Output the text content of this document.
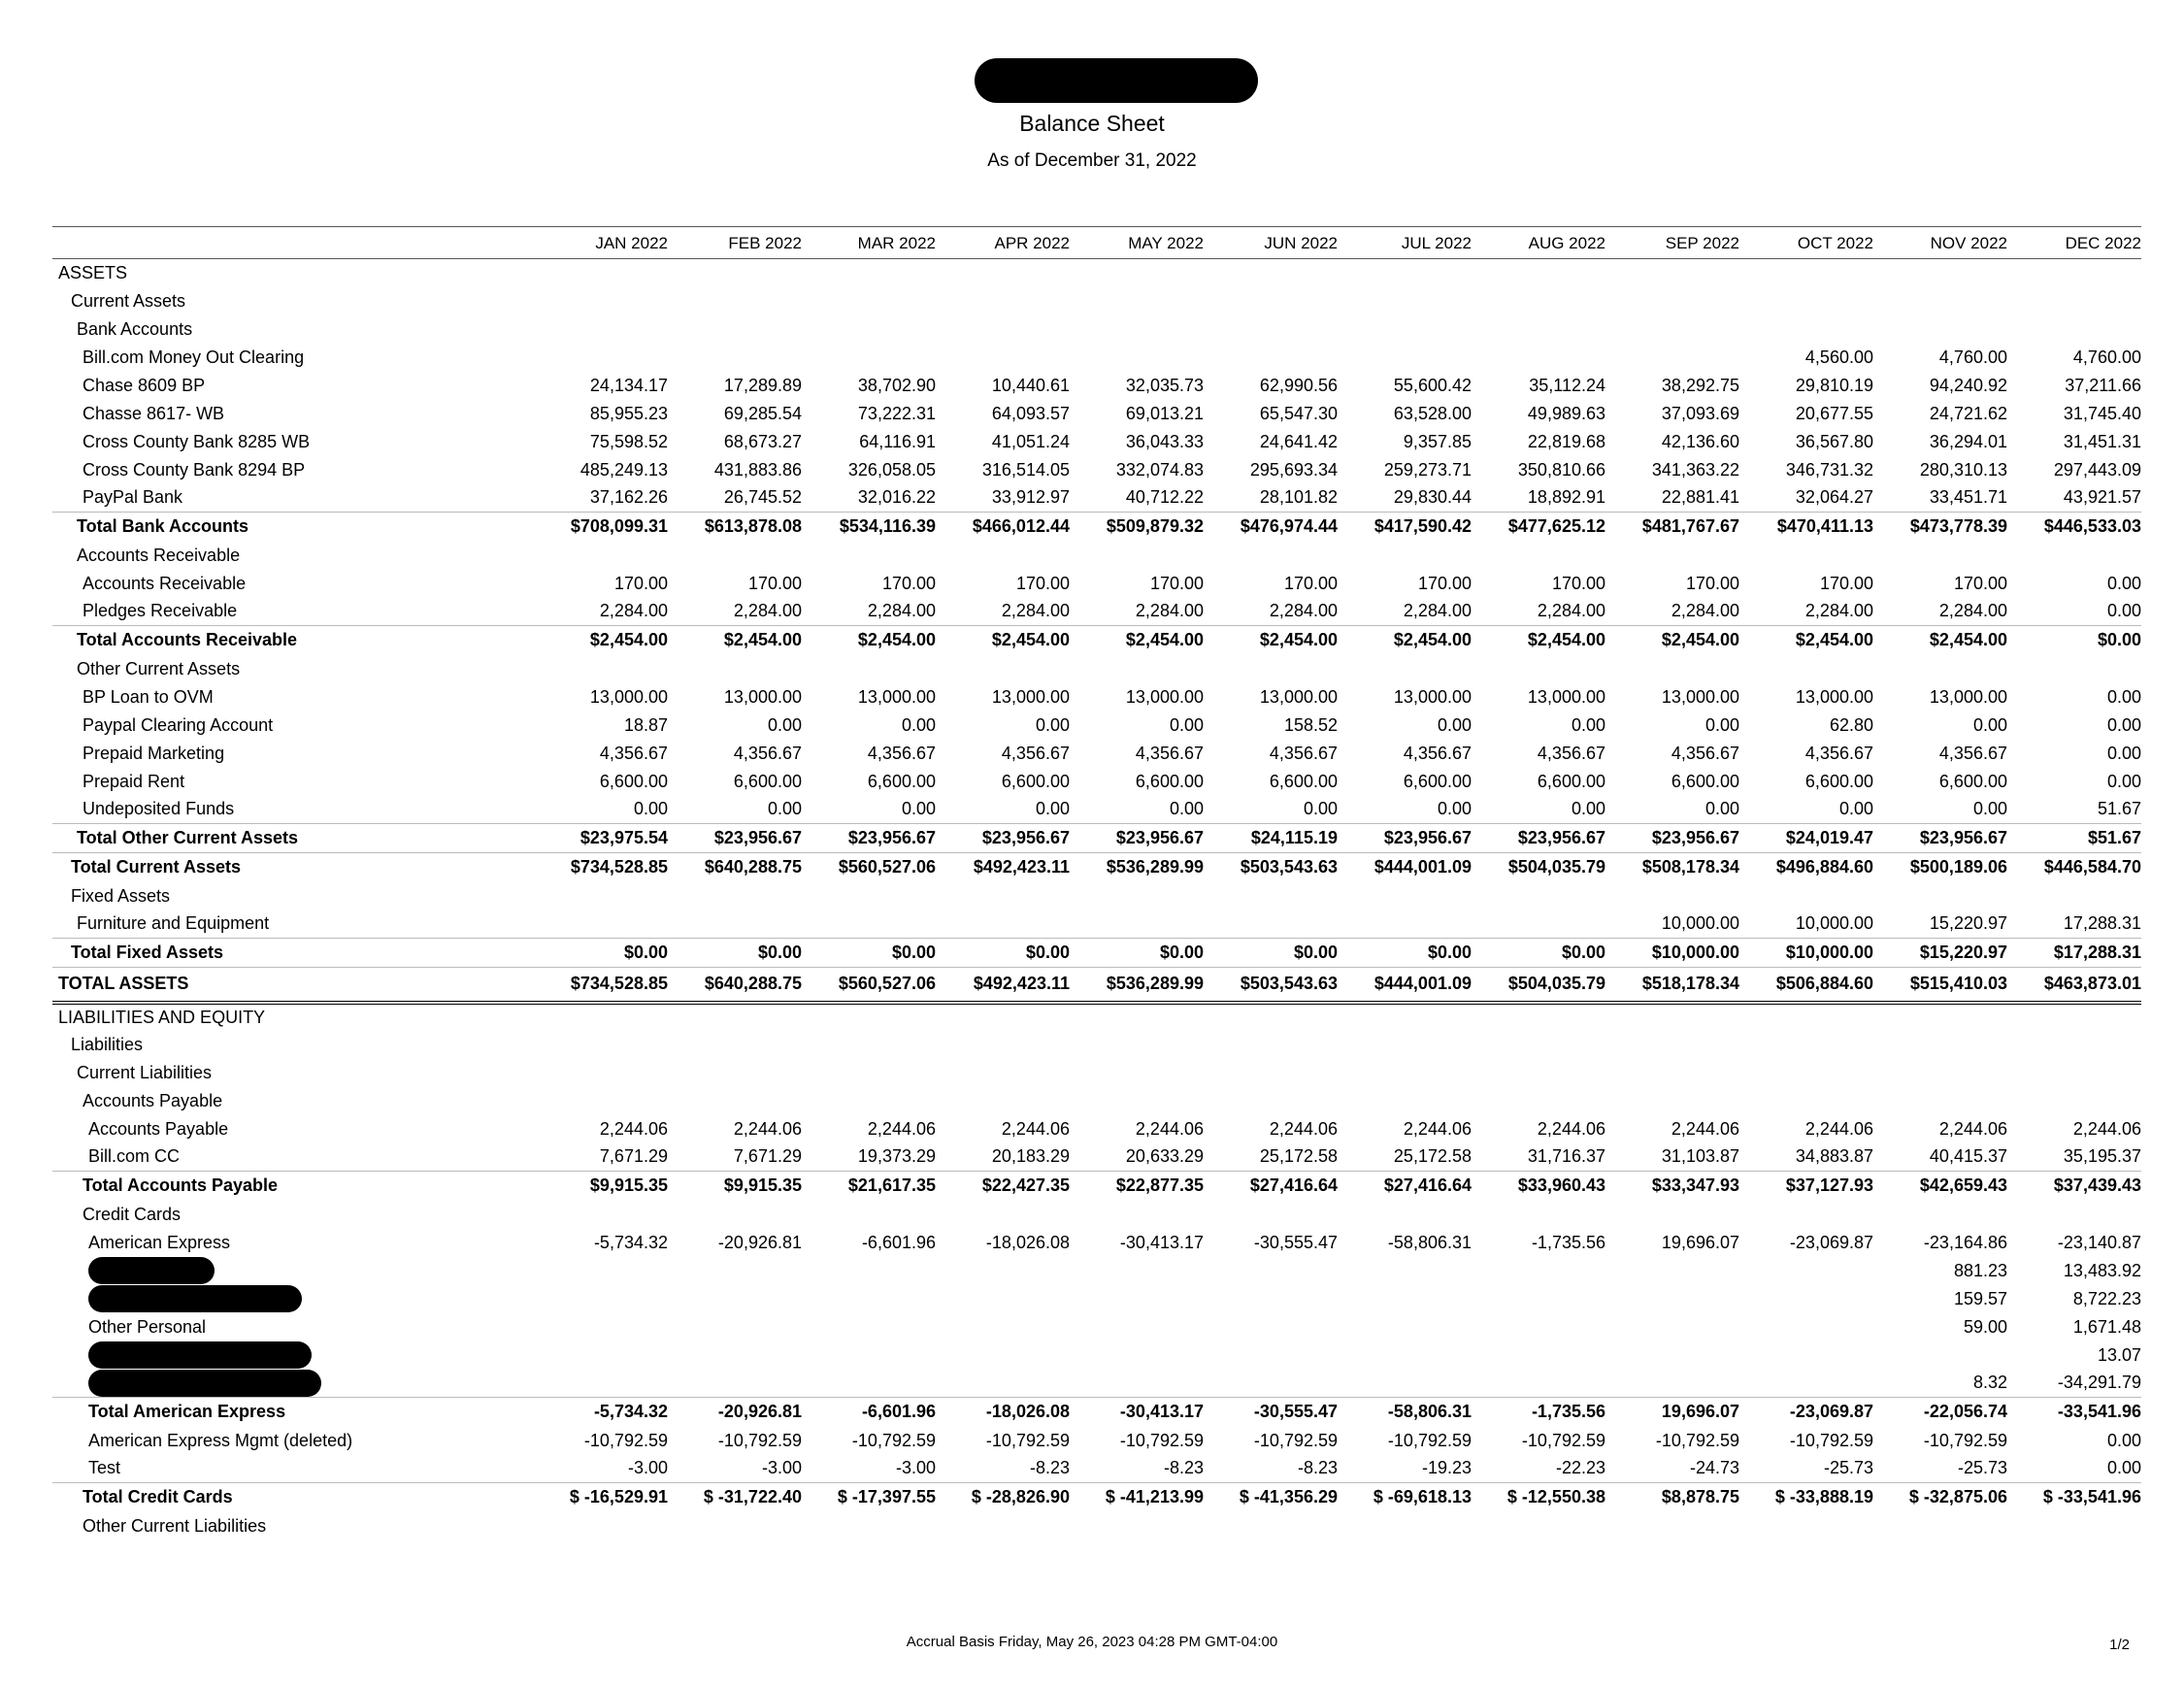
Balance Sheet
As of December 31, 2022
	JAN 2022	FEB 2022	MAR 2022	APR 2022	MAY 2022	JUN 2022	JUL 2022	AUG 2022	SEP 2022	OCT 2022	NOV 2022	DEC 2022
ASSETS												
Current Assets												
Bank Accounts												
Bill.com Money Out Clearing										4,560.00	4,760.00	4,760.00
Chase 8609 BP	24,134.17	17,289.89	38,702.90	10,440.61	32,035.73	62,990.56	55,600.42	35,112.24	38,292.75	29,810.19	94,240.92	37,211.66
Chasse 8617- WB	85,955.23	69,285.54	73,222.31	64,093.57	69,013.21	65,547.30	63,528.00	49,989.63	37,093.69	20,677.55	24,721.62	31,745.40
Cross County Bank 8285 WB	75,598.52	68,673.27	64,116.91	41,051.24	36,043.33	24,641.42	9,357.85	22,819.68	42,136.60	36,567.80	36,294.01	31,451.31
Cross County Bank 8294 BP	485,249.13	431,883.86	326,058.05	316,514.05	332,074.83	295,693.34	259,273.71	350,810.66	341,363.22	346,731.32	280,310.13	297,443.09
PayPal Bank	37,162.26	26,745.52	32,016.22	33,912.97	40,712.22	28,101.82	29,830.44	18,892.91	22,881.41	32,064.27	33,451.71	43,921.57
Total Bank Accounts	$708,099.31	$613,878.08	$534,116.39	$466,012.44	$509,879.32	$476,974.44	$417,590.42	$477,625.12	$481,767.67	$470,411.13	$473,778.39	$446,533.03
Accounts Receivable												
Accounts Receivable	170.00	170.00	170.00	170.00	170.00	170.00	170.00	170.00	170.00	170.00	170.00	0.00
Pledges Receivable	2,284.00	2,284.00	2,284.00	2,284.00	2,284.00	2,284.00	2,284.00	2,284.00	2,284.00	2,284.00	2,284.00	0.00
Total Accounts Receivable	$2,454.00	$2,454.00	$2,454.00	$2,454.00	$2,454.00	$2,454.00	$2,454.00	$2,454.00	$2,454.00	$2,454.00	$2,454.00	$0.00
Other Current Assets												
BP Loan to OVM	13,000.00	13,000.00	13,000.00	13,000.00	13,000.00	13,000.00	13,000.00	13,000.00	13,000.00	13,000.00	13,000.00	0.00
Paypal Clearing Account	18.87	0.00	0.00	0.00	0.00	158.52	0.00	0.00	0.00	62.80	0.00	0.00
Prepaid Marketing	4,356.67	4,356.67	4,356.67	4,356.67	4,356.67	4,356.67	4,356.67	4,356.67	4,356.67	4,356.67	4,356.67	0.00
Prepaid Rent	6,600.00	6,600.00	6,600.00	6,600.00	6,600.00	6,600.00	6,600.00	6,600.00	6,600.00	6,600.00	6,600.00	0.00
Undeposited Funds	0.00	0.00	0.00	0.00	0.00	0.00	0.00	0.00	0.00	0.00	0.00	51.67
Total Other Current Assets	$23,975.54	$23,956.67	$23,956.67	$23,956.67	$23,956.67	$24,115.19	$23,956.67	$23,956.67	$23,956.67	$24,019.47	$23,956.67	$51.67
Total Current Assets	$734,528.85	$640,288.75	$560,527.06	$492,423.11	$536,289.99	$503,543.63	$444,001.09	$504,035.79	$508,178.34	$496,884.60	$500,189.06	$446,584.70
Fixed Assets												
Furniture and Equipment									10,000.00	10,000.00	15,220.97	17,288.31
Total Fixed Assets	$0.00	$0.00	$0.00	$0.00	$0.00	$0.00	$0.00	$0.00	$10,000.00	$10,000.00	$15,220.97	$17,288.31
TOTAL ASSETS	$734,528.85	$640,288.75	$560,527.06	$492,423.11	$536,289.99	$503,543.63	$444,001.09	$504,035.79	$518,178.34	$506,884.60	$515,410.03	$463,873.01
LIABILITIES AND EQUITY												
Liabilities												
Current Liabilities												
Accounts Payable												
Accounts Payable	2,244.06	2,244.06	2,244.06	2,244.06	2,244.06	2,244.06	2,244.06	2,244.06	2,244.06	2,244.06	2,244.06	2,244.06
Bill.com CC	7,671.29	7,671.29	19,373.29	20,183.29	20,633.29	25,172.58	25,172.58	31,716.37	31,103.87	34,883.87	40,415.37	35,195.37
Total Accounts Payable	$9,915.35	$9,915.35	$21,617.35	$22,427.35	$22,877.35	$27,416.64	$27,416.64	$33,960.43	$33,347.93	$37,127.93	$42,659.43	$37,439.43
Credit Cards												
American Express	-5,734.32	-20,926.81	-6,601.96	-18,026.08	-30,413.17	-30,555.47	-58,806.31	-1,735.56	19,696.07	-23,069.87	-23,164.86	-23,140.87
											881.23	13,483.92
											159.57	8,722.23
Other Personal											59.00	1,671.48
												13.07
											8.32	-34,291.79
Total American Express	-5,734.32	-20,926.81	-6,601.96	-18,026.08	-30,413.17	-30,555.47	-58,806.31	-1,735.56	19,696.07	-23,069.87	-22,056.74	-33,541.96
American Express Mgmt (deleted)	-10,792.59	-10,792.59	-10,792.59	-10,792.59	-10,792.59	-10,792.59	-10,792.59	-10,792.59	-10,792.59	-10,792.59	-10,792.59	0.00
Test	-3.00	-3.00	-3.00	-8.23	-8.23	-8.23	-19.23	-22.23	-24.73	-25.73	-25.73	0.00
Total Credit Cards	$ -16,529.91	$ -31,722.40	$ -17,397.55	$ -28,826.90	$ -41,213.99	$ -41,356.29	$ -69,618.13	$ -12,550.38	$8,878.75	$ -33,888.19	$ -32,875.06	$ -33,541.96
Other Current Liabilities												
Accrual Basis Friday, May 26, 2023 04:28 PM GMT-04:00	1/2
